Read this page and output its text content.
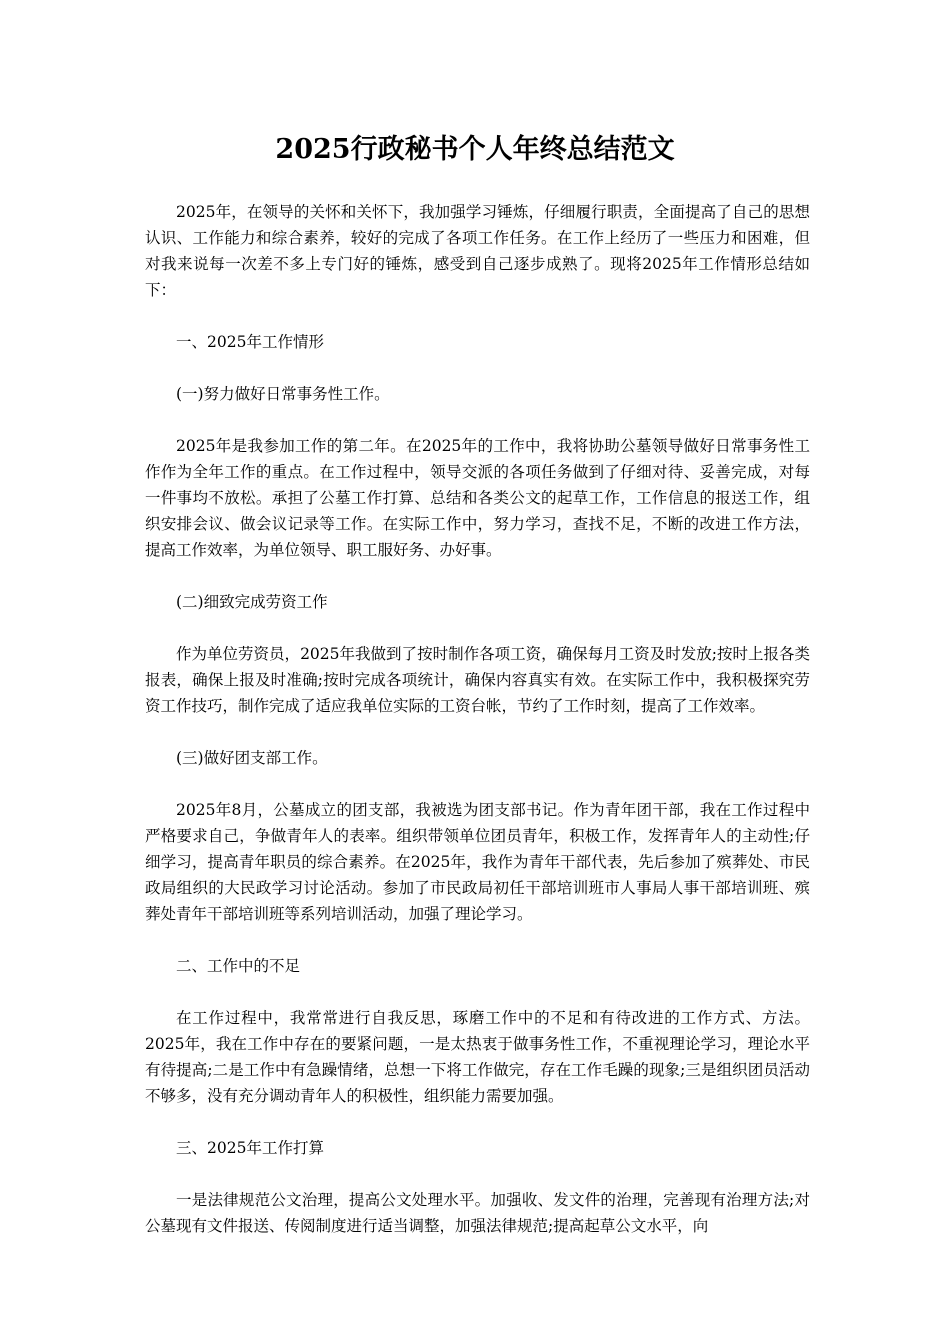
2025行政秘书个人年终总结范文

2025年，在领导的关怀和关怀下，我加强学习锤炼，仔细履行职责，全面提高了自己的思想认识、工作能力和综合素养，较好的完成了各项工作任务。在工作上经历了一些压力和困难，但对我来说每一次差不多上专门好的锤炼，感受到自己逐步成熟了。现将2025年工作情形总结如下：

一、2025年工作情形

(一)努力做好日常事务性工作。

2025年是我参加工作的第二年。在2025年的工作中，我将协助公墓领导做好日常事务性工作作为全年工作的重点。在工作过程中，领导交派的各项任务做到了仔细对待、妥善完成，对每一件事均不放松。承担了公墓工作打算、总结和各类公文的起草工作，工作信息的报送工作，组织安排会议、做会议记录等工作。在实际工作中，努力学习，查找不足，不断的改进工作方法，提高工作效率，为单位领导、职工服好务、办好事。

(二)细致完成劳资工作

作为单位劳资员，2025年我做到了按时制作各项工资，确保每月工资及时发放;按时上报各类报表，确保上报及时准确;按时完成各项统计，确保内容真实有效。在实际工作中，我积极探究劳资工作技巧，制作完成了适应我单位实际的工资台帐，节约了工作时刻，提高了工作效率。

(三)做好团支部工作。

2025年8月，公墓成立的团支部，我被选为团支部书记。作为青年团干部，我在工作过程中严格要求自己，争做青年人的表率。组织带领单位团员青年，积极工作，发挥青年人的主动性;仔细学习，提高青年职员的综合素养。在2025年，我作为青年干部代表，先后参加了殡葬处、市民政局组织的大民政学习讨论活动。参加了市民政局初任干部培训班市人事局人事干部培训班、殡葬处青年干部培训班等系列培训活动，加强了理论学习。

二、工作中的不足

在工作过程中，我常常进行自我反思，琢磨工作中的不足和有待改进的工作方式、方法。2025年，我在工作中存在的要紧问题，一是太热衷于做事务性工作，不重视理论学习，理论水平有待提高;二是工作中有急躁情绪，总想一下将工作做完，存在工作毛躁的现象;三是组织团员活动不够多，没有充分调动青年人的积极性，组织能力需要加强。

三、2025年工作打算

一是法律规范公文治理，提高公文处理水平。加强收、发文件的治理，完善现有治理方法;对公墓现有文件报送、传阅制度进行适当调整，加强法律规范;提高起草公文水平，向
